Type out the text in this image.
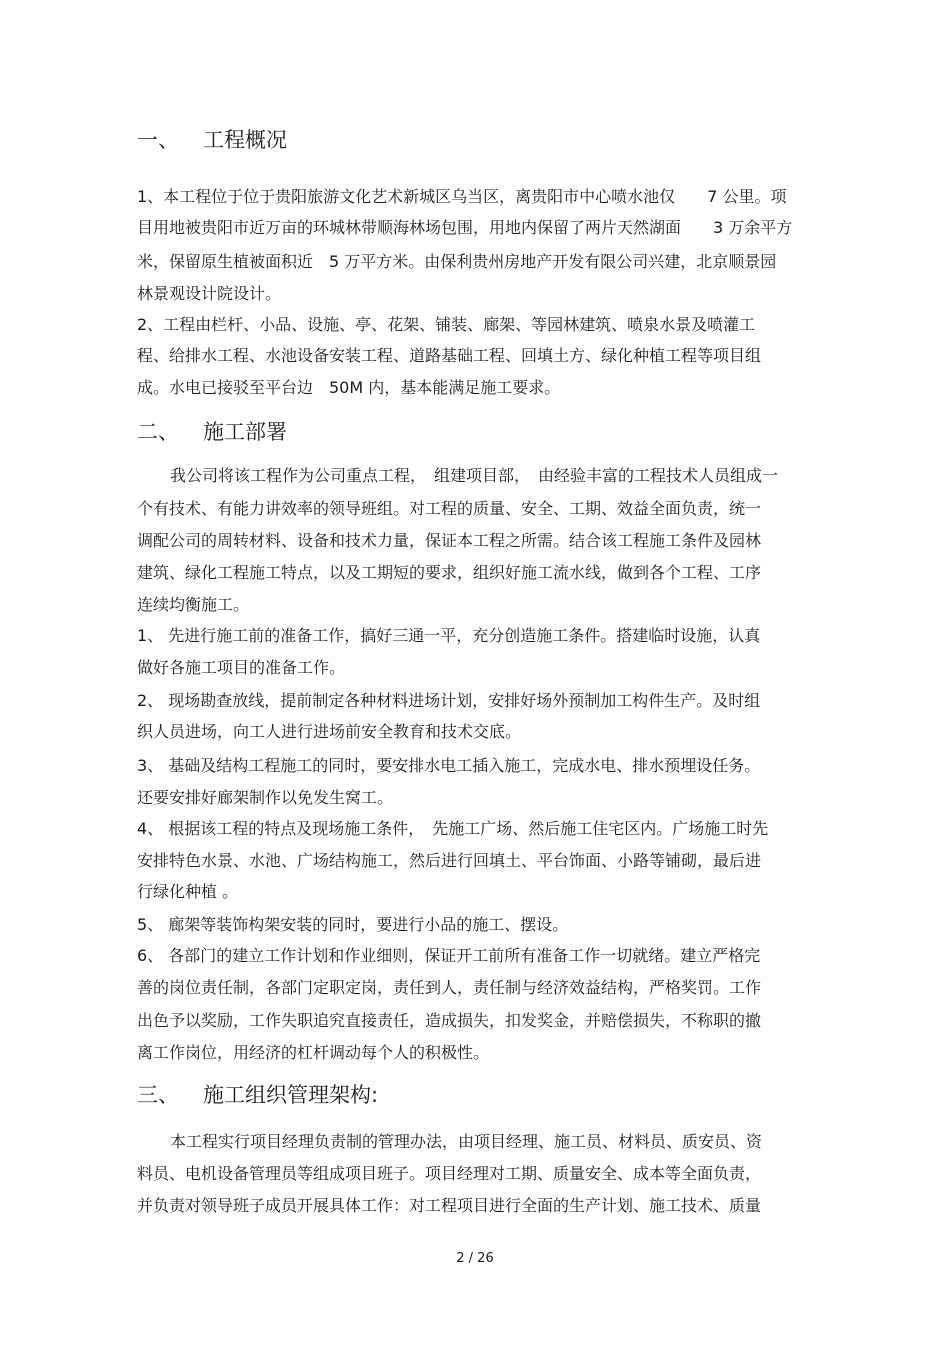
一、 工程概况
1、本工程位于位于贵阳旅游文化艺术新城区乌当区，离贵阳市中心喷水池仅　　7 公里。项
目用地被贵阳市近万亩的环城林带顺海林场包围，用地内保留了两片天然湖面　　3 万余平方
米，保留原生植被面积近　5 万平方米。由保利贵州房地产开发有限公司兴建，北京顺景园
林景观设计院设计。
2、工程由栏杆、小品、设施、亭、花架、铺装、廊架、等园林建筑、喷泉水景及喷灌工
程、给排水工程、水池设备安装工程、道路基础工程、回填土方、绿化种植工程等项目组
成。水电已接驳至平台边　50M 内，基本能满足施工要求。
二、 施工部署
我公司将该工程作为公司重点工程，　组建项目部，　由经验丰富的工程技术人员组成一
个有技术、有能力讲效率的领导班组。对工程的质量、安全、工期、效益全面负责，统一
调配公司的周转材料、设备和技术力量，保证本工程之所需。结合该工程施工条件及园林
建筑、绿化工程施工特点，以及工期短的要求，组织好施工流水线，做到各个工程、工序
连续均衡施工。
1、 先进行施工前的准备工作，搞好三通一平，充分创造施工条件。搭建临时设施，认真
做好各施工项目的准备工作。
2、 现场勘查放线，提前制定各种材料进场计划，安排好场外预制加工构件生产。及时组
织人员进场，向工人进行进场前安全教育和技术交底。
3、 基础及结构工程施工的同时，要安排水电工插入施工，完成水电、排水预埋设任务。
还要安排好廊架制作以免发生窝工。
4、 根据该工程的特点及现场施工条件，　先施工广场、然后施工住宅区内。广场施工时先
安排特色水景、水池、广场结构施工，然后进行回填土、平台饰面、小路等铺砌，最后进
行绿化种植 。
5、 廊架等装饰构架安装的同时，要进行小品的施工、摆设。
6、 各部门的建立工作计划和作业细则，保证开工前所有准备工作一切就绪。建立严格完
善的岗位责任制，各部门定职定岗，责任到人，责任制与经济效益结构，严格奖罚。工作
出色予以奖励，工作失职追究直接责任，造成损失，扣发奖金，并赔偿损失，不称职的撤
离工作岗位，用经济的杠杆调动每个人的积极性。
三、 施工组织管理架构:
本工程实行项目经理负责制的管理办法，由项目经理、施工员、材料员、质安员、资
料员、电机设备管理员等组成项目班子。项目经理对工期、质量安全、成本等全面负责，
并负责对领导班子成员开展具体工作：对工程项目进行全面的生产计划、施工技术、质量
2 / 26
